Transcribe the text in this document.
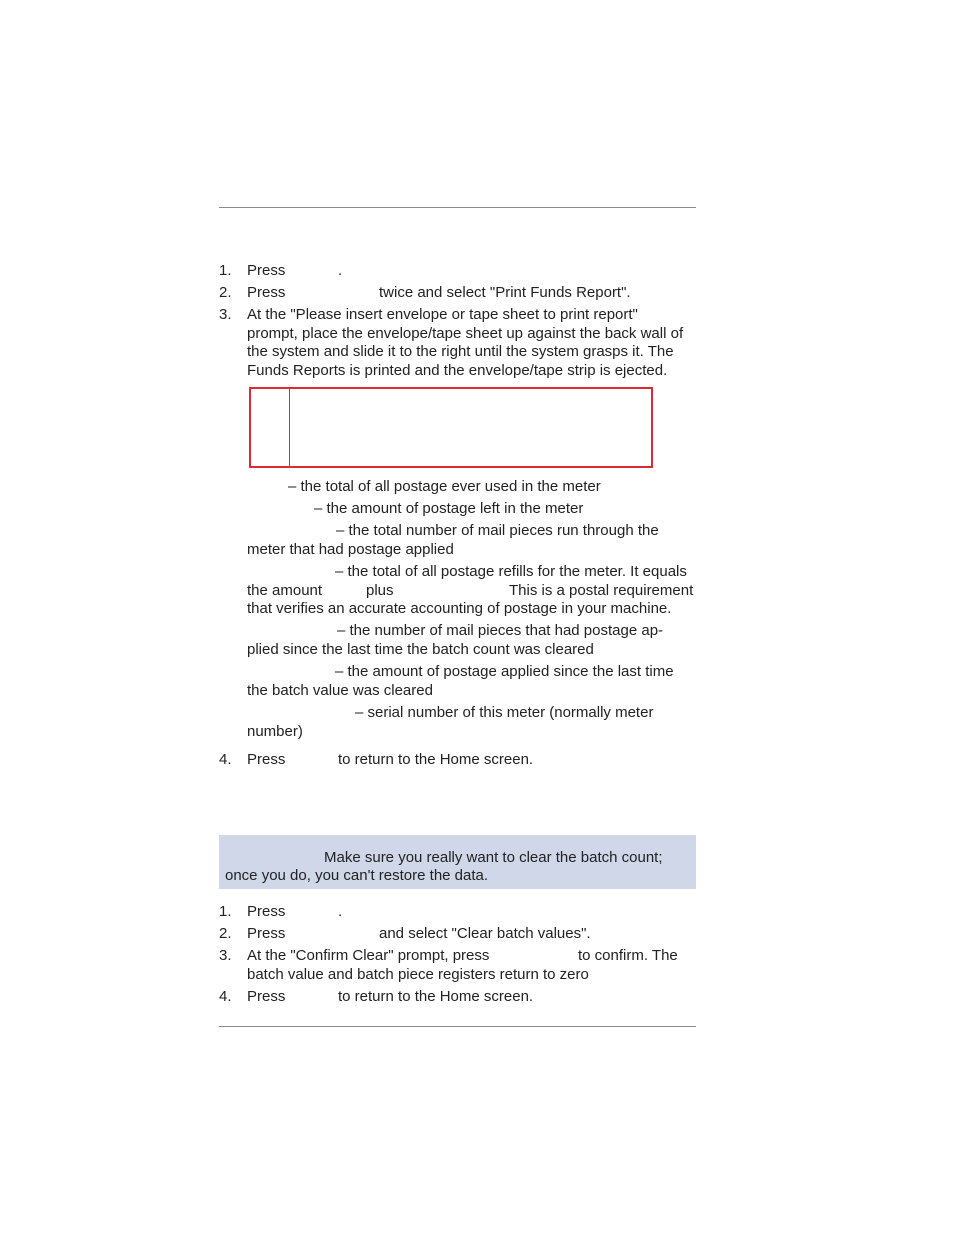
1.	Press	.
2.	Press	twice and select "Print Funds Report".
3.	At the "Please insert envelope or tape sheet to print report"
prompt, place the envelope/tape sheet up against the back wall of
the system and slide it to the right until the system grasps it. The
Funds Reports is printed and the envelope/tape strip is ejected.
– the total of all postage ever used in the meter
– the amount of postage left in the meter
– the total number of mail pieces run through the
meter that had postage applied
– the total of all postage refills for the meter. It equals
the amount	plus	This is a postal requirement
that verifies an accurate accounting of postage in your machine.
– the number of mail pieces that had postage ap-
plied since the last time the batch count was cleared
– the amount of postage applied since the last time
the batch value was cleared
– serial number of this meter (normally meter
number)
4.	Press	to return to the Home screen.
Make sure you really want to clear the batch count;
once you do, you can't restore the data.
1.	Press	.
2.	Press	and select "Clear batch values".
3.	At the "Confirm Clear" prompt, press	to confirm. The
batch value and batch piece registers return to zero
4.	Press	to return to the Home screen.
